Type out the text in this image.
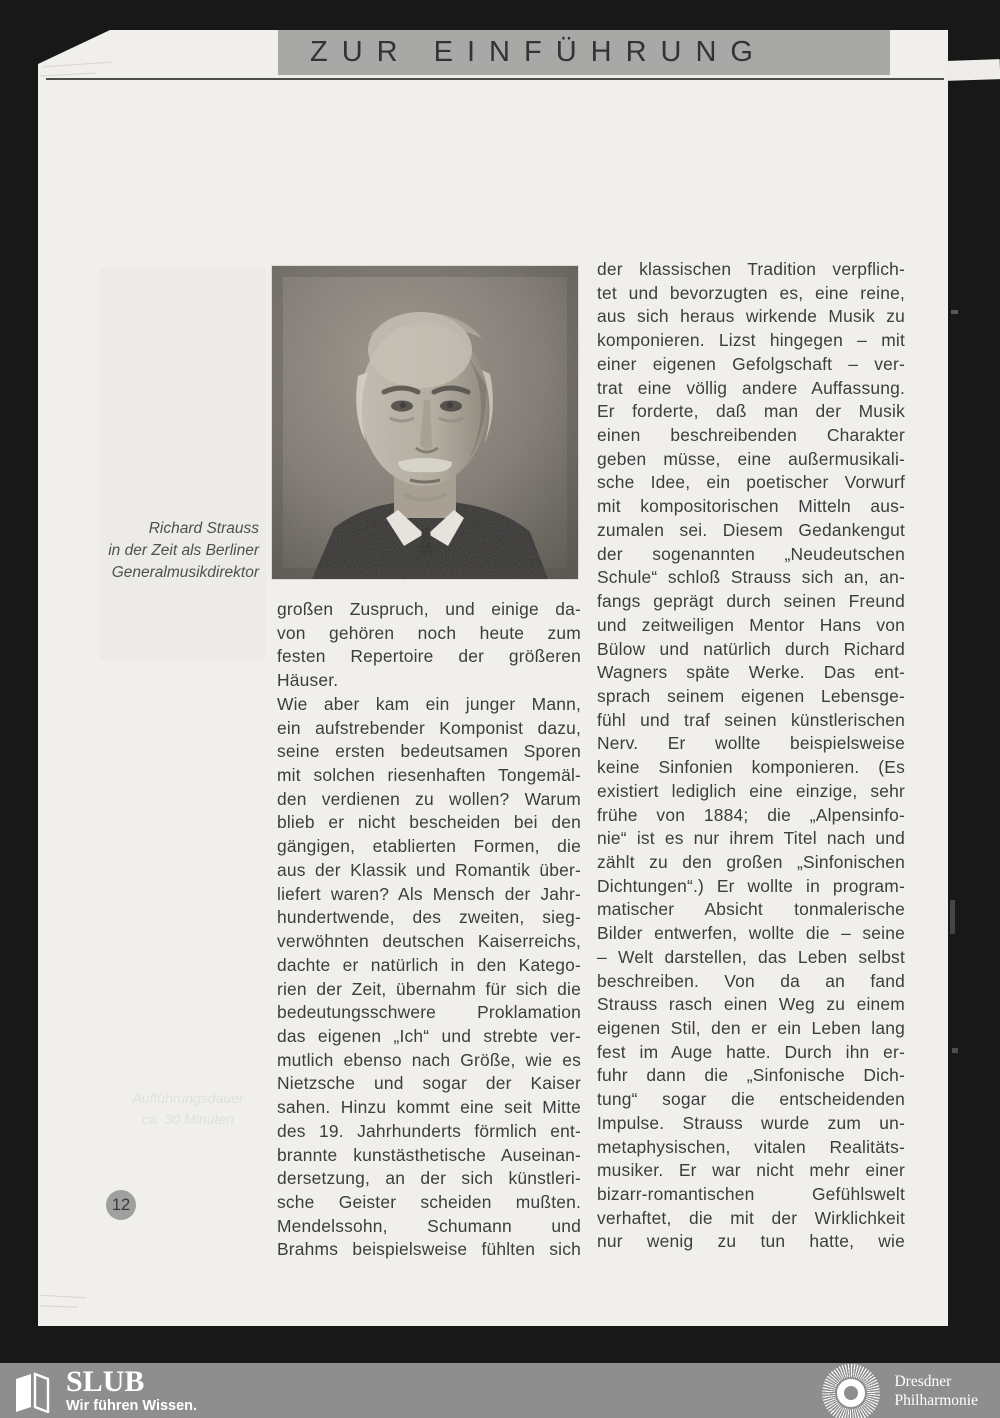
ZUR EINFÜHRUNG
Aufführungsdauer
ca. 30 Minuten
Richard Strauss
in der Zeit als Berliner
Generalmusikdirektor
großen Zuspruch, und einige da-
von gehören noch heute zum
festen Repertoire der größeren
Häuser.
Wie aber kam ein junger Mann,
ein aufstrebender Komponist dazu,
seine ersten bedeutsamen Sporen
mit solchen riesenhaften Tongemäl-
den verdienen zu wollen? Warum
blieb er nicht bescheiden bei den
gängigen, etablierten Formen, die
aus der Klassik und Romantik über-
liefert waren? Als Mensch der Jahr-
hundertwende, des zweiten, sieg-
verwöhnten deutschen Kaiserreichs,
dachte er natürlich in den Katego-
rien der Zeit, übernahm für sich die
bedeutungsschwere Proklamation
das eigenen „Ich“ und strebte ver-
mutlich ebenso nach Größe, wie es
Nietzsche und sogar der Kaiser
sahen. Hinzu kommt eine seit Mitte
des 19. Jahrhunderts förmlich ent-
brannte kunstästhetische Auseinan-
dersetzung, an der sich künstleri-
sche Geister scheiden mußten.
Mendelssohn, Schumann und
Brahms beispielsweise fühlten sich
der klassischen Tradition verpflich-
tet und bevorzugten es, eine reine,
aus sich heraus wirkende Musik zu
komponieren. Lizst hingegen – mit
einer eigenen Gefolgschaft – ver-
trat eine völlig andere Auffassung.
Er forderte, daß man der Musik
einen beschreibenden Charakter
geben müsse, eine außermusikali-
sche Idee, ein poetischer Vorwurf
mit kompositorischen Mitteln aus-
zumalen sei. Diesem Gedankengut
der sogenannten „Neudeutschen
Schule“ schloß Strauss sich an, an-
fangs geprägt durch seinen Freund
und zeitweiligen Mentor Hans von
Bülow und natürlich durch Richard
Wagners späte Werke. Das ent-
sprach seinem eigenen Lebensge-
fühl und traf seinen künstlerischen
Nerv. Er wollte beispielsweise
keine Sinfonien komponieren. (Es
existiert lediglich eine einzige, sehr
frühe von 1884; die „Alpensinfo-
nie“ ist es nur ihrem Titel nach und
zählt zu den großen „Sinfonischen
Dichtungen“.) Er wollte in program-
matischer Absicht tonmalerische
Bilder entwerfen, wollte die – seine
– Welt darstellen, das Leben selbst
beschreiben. Von da an fand
Strauss rasch einen Weg zu einem
eigenen Stil, den er ein Leben lang
fest im Auge hatte. Durch ihn er-
fuhr dann die „Sinfonische Dich-
tung“ sogar die entscheidenden
Impulse. Strauss wurde zum un-
metaphysischen, vitalen Realitäts-
musiker. Er war nicht mehr einer
bizarr-romantischen Gefühlswelt
verhaftet, die mit der Wirklichkeit
nur wenig zu tun hatte, wie
12
SLUB
Wir führen Wissen.
Dresdner
Philharmonie
